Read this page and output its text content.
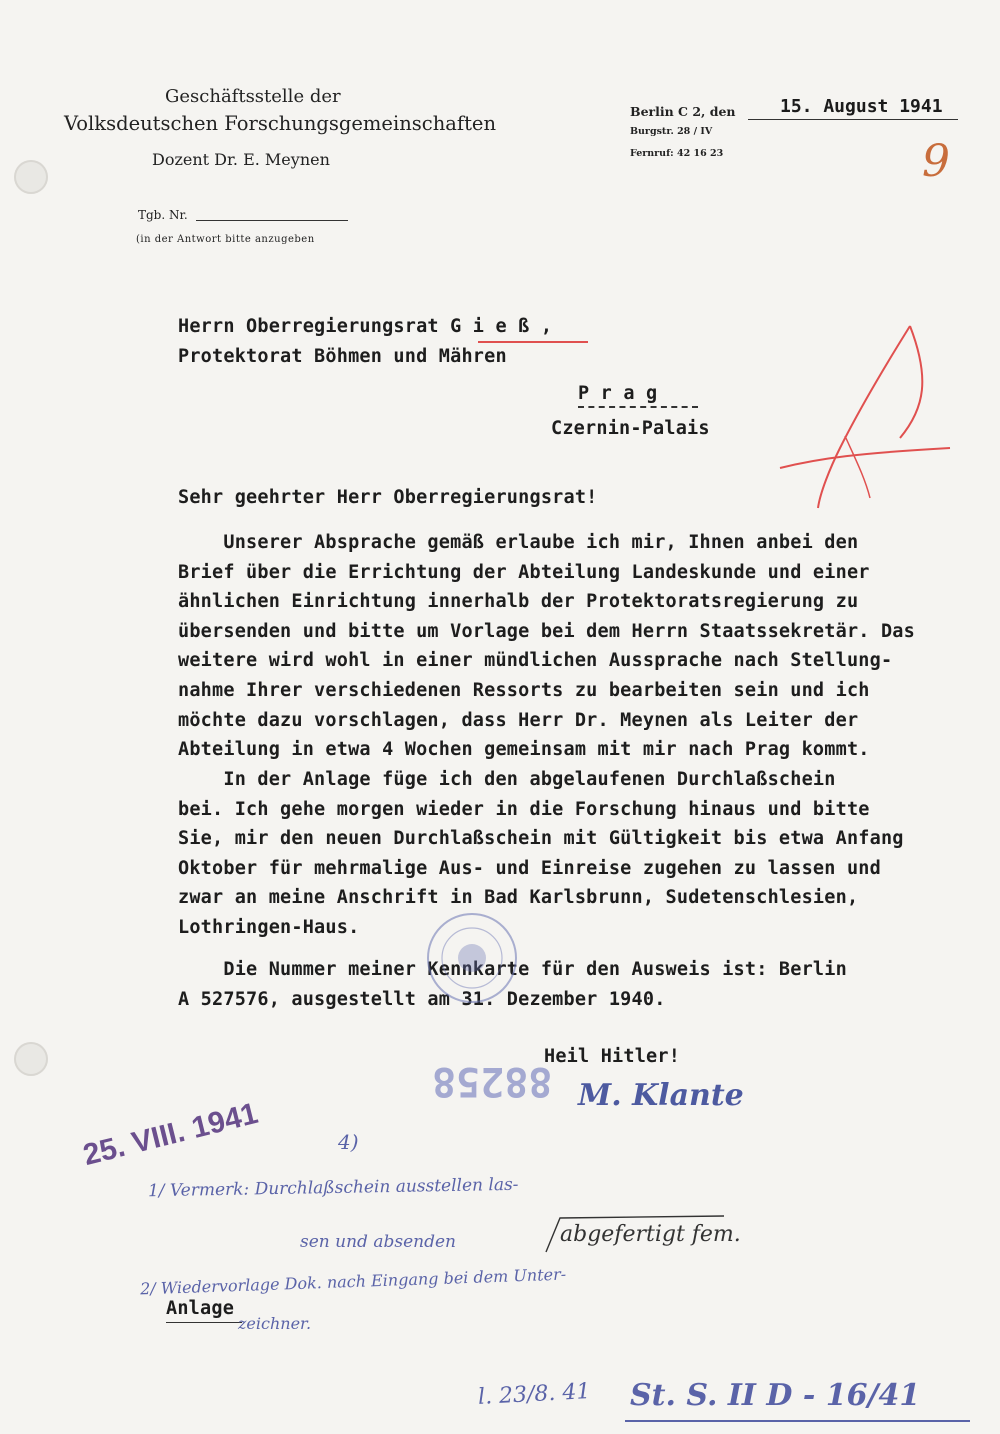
Geschäftsstelle der
Volksdeutschen Forschungsgemeinschaften
Dozent Dr. E. Meynen
Tgb. Nr.
(in der Antwort bitte anzugeben
Berlin C 2, den 15. August 1941
Burgstr. 28 / IV
Fernruf: 42 16 23	9
Herrn Oberregierungsrat G i e ß ,
Protektorat Böhmen und Mähren
P r a g
Czernin-Palais
Sehr geehrter Herr Oberregierungsrat!
Unserer Absprache gemäß erlaube ich mir, Ihnen anbei den
Brief über die Errichtung der Abteilung Landeskunde und einer
ähnlichen Einrichtung innerhalb der Protektoratsregierung zu
übersenden und bitte um Vorlage bei dem Herrn Staatssekretär. Das
weitere wird wohl in einer mündlichen Aussprache nach Stellung-
nahme Ihrer verschiedenen Ressorts zu bearbeiten sein und ich
möchte dazu vorschlagen, dass Herr Dr. Meynen als Leiter der
Abteilung in etwa 4 Wochen gemeinsam mit mir nach Prag kommt.
In der Anlage füge ich den abgelaufenen Durchlaßschein
bei. Ich gehe morgen wieder in die Forschung hinaus und bitte
Sie, mir den neuen Durchlaßschein mit Gültigkeit bis etwa Anfang
Oktober für mehrmalige Aus- und Einreise zugehen zu lassen und
zwar an meine Anschrift in Bad Karlsbrunn, Sudetenschlesien,
Lothringen-Haus.
Die Nummer meiner Kennkarte für den Ausweis ist: Berlin
A 527576, ausgestellt am 31. Dezember 1940.
Heil Hitler!
M. Klante
88258
25. VIII. 1941	4)
1/ Vermerk: Durchlaßschein ausstellen las-
sen und absenden	abgefertigt fem.
2/ Wiedervorlage Dok. nach Eingang bei dem Unter-
Anlage
zeichner.
l. 23/8. 41 St. S. II D - 16/41
